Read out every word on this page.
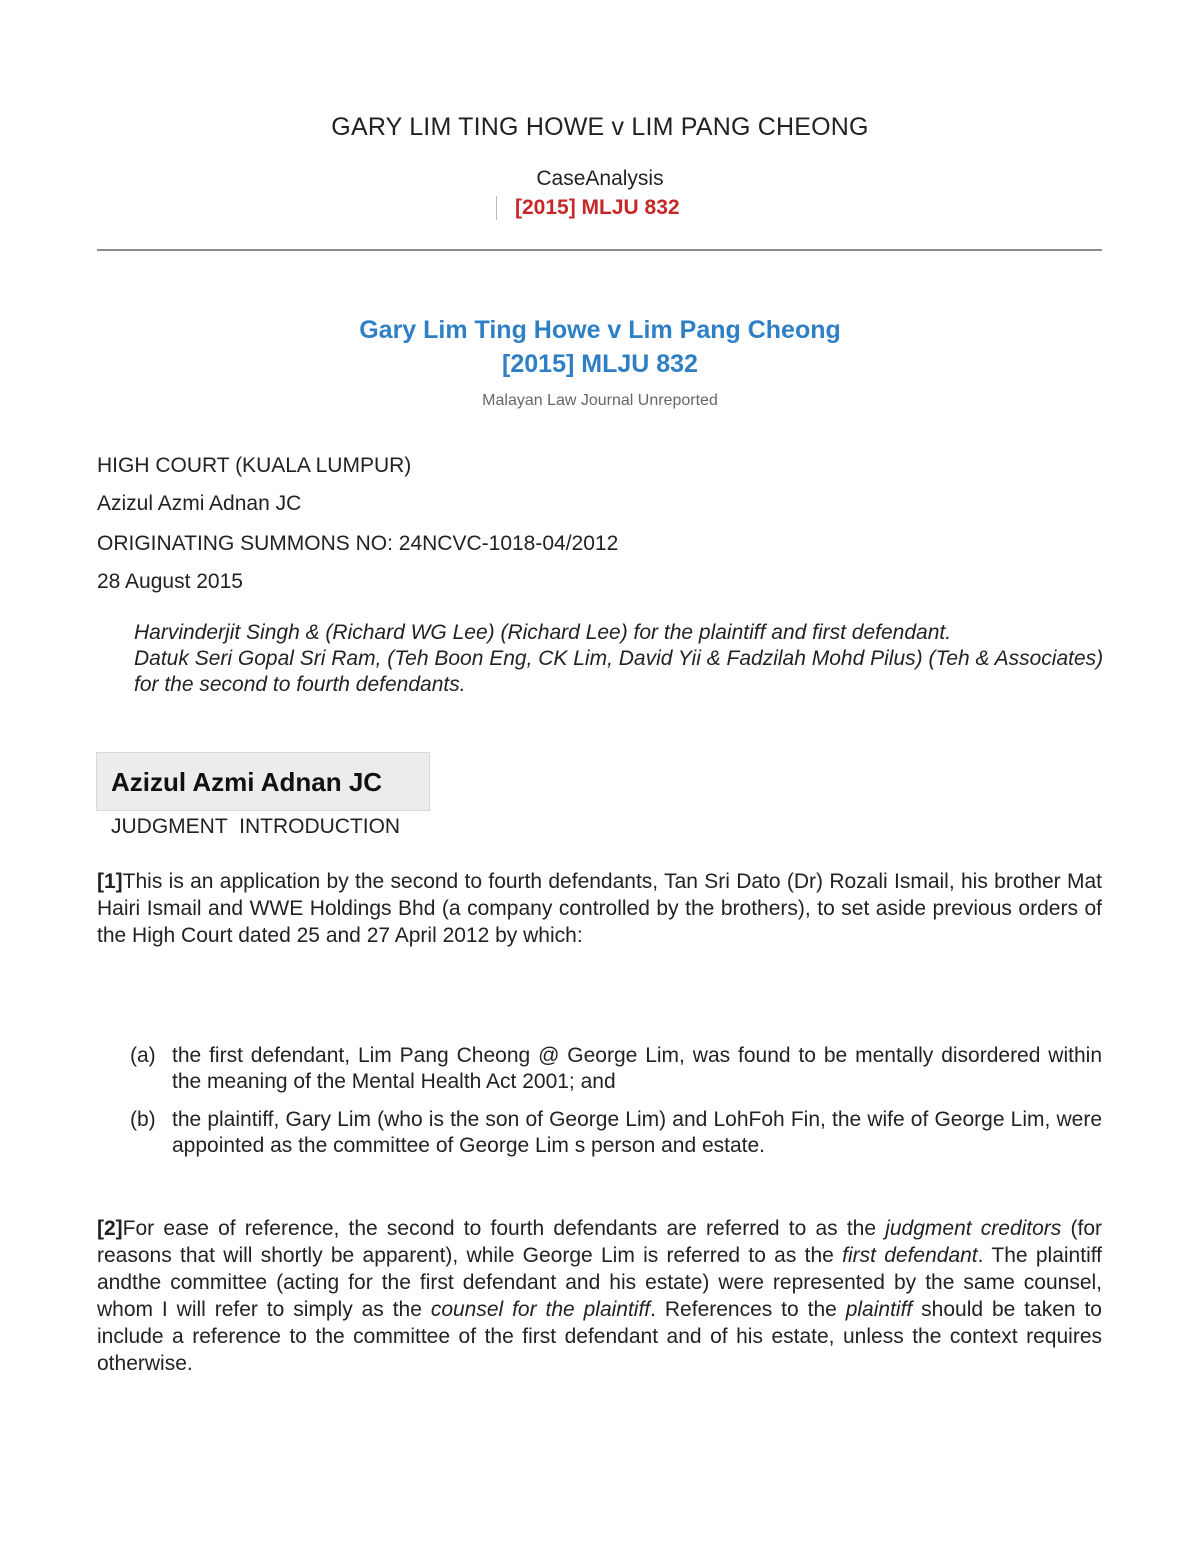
GARY LIM TING HOWE v LIM PANG CHEONG
CaseAnalysis
[2015] MLJU 832
Gary Lim Ting Howe v Lim Pang Cheong
[2015] MLJU 832
Malayan Law Journal Unreported
HIGH COURT (KUALA LUMPUR)
Azizul Azmi Adnan JC
ORIGINATING SUMMONS NO: 24NCVC-1018-04/2012
28 August 2015
Harvinderjit Singh & (Richard WG Lee) (Richard Lee) for the plaintiff and first defendant.
Datuk Seri Gopal Sri Ram, (Teh Boon Eng, CK Lim, David Yii & Fadzilah Mohd Pilus) (Teh & Associates) for the second to fourth defendants.
Azizul Azmi Adnan JC
JUDGMENT INTRODUCTION
[1]This is an application by the second to fourth defendants, Tan Sri Dato (Dr) Rozali Ismail, his brother Mat Hairi Ismail and WWE Holdings Bhd (a company controlled by the brothers), to set aside previous orders of the High Court dated 25 and 27 April 2012 by which:
(a) the first defendant, Lim Pang Cheong @ George Lim, was found to be mentally disordered within the meaning of the Mental Health Act 2001; and
(b) the plaintiff, Gary Lim (who is the son of George Lim) and LohFoh Fin, the wife of George Lim, were appointed as the committee of George Lim s person and estate.
[2]For ease of reference, the second to fourth defendants are referred to as the judgment creditors (for reasons that will shortly be apparent), while George Lim is referred to as the first defendant. The plaintiff andthe committee (acting for the first defendant and his estate) were represented by the same counsel, whom I will refer to simply as the counsel for the plaintiff. References to the plaintiff should be taken to include a reference to the committee of the first defendant and of his estate, unless the context requires otherwise.
